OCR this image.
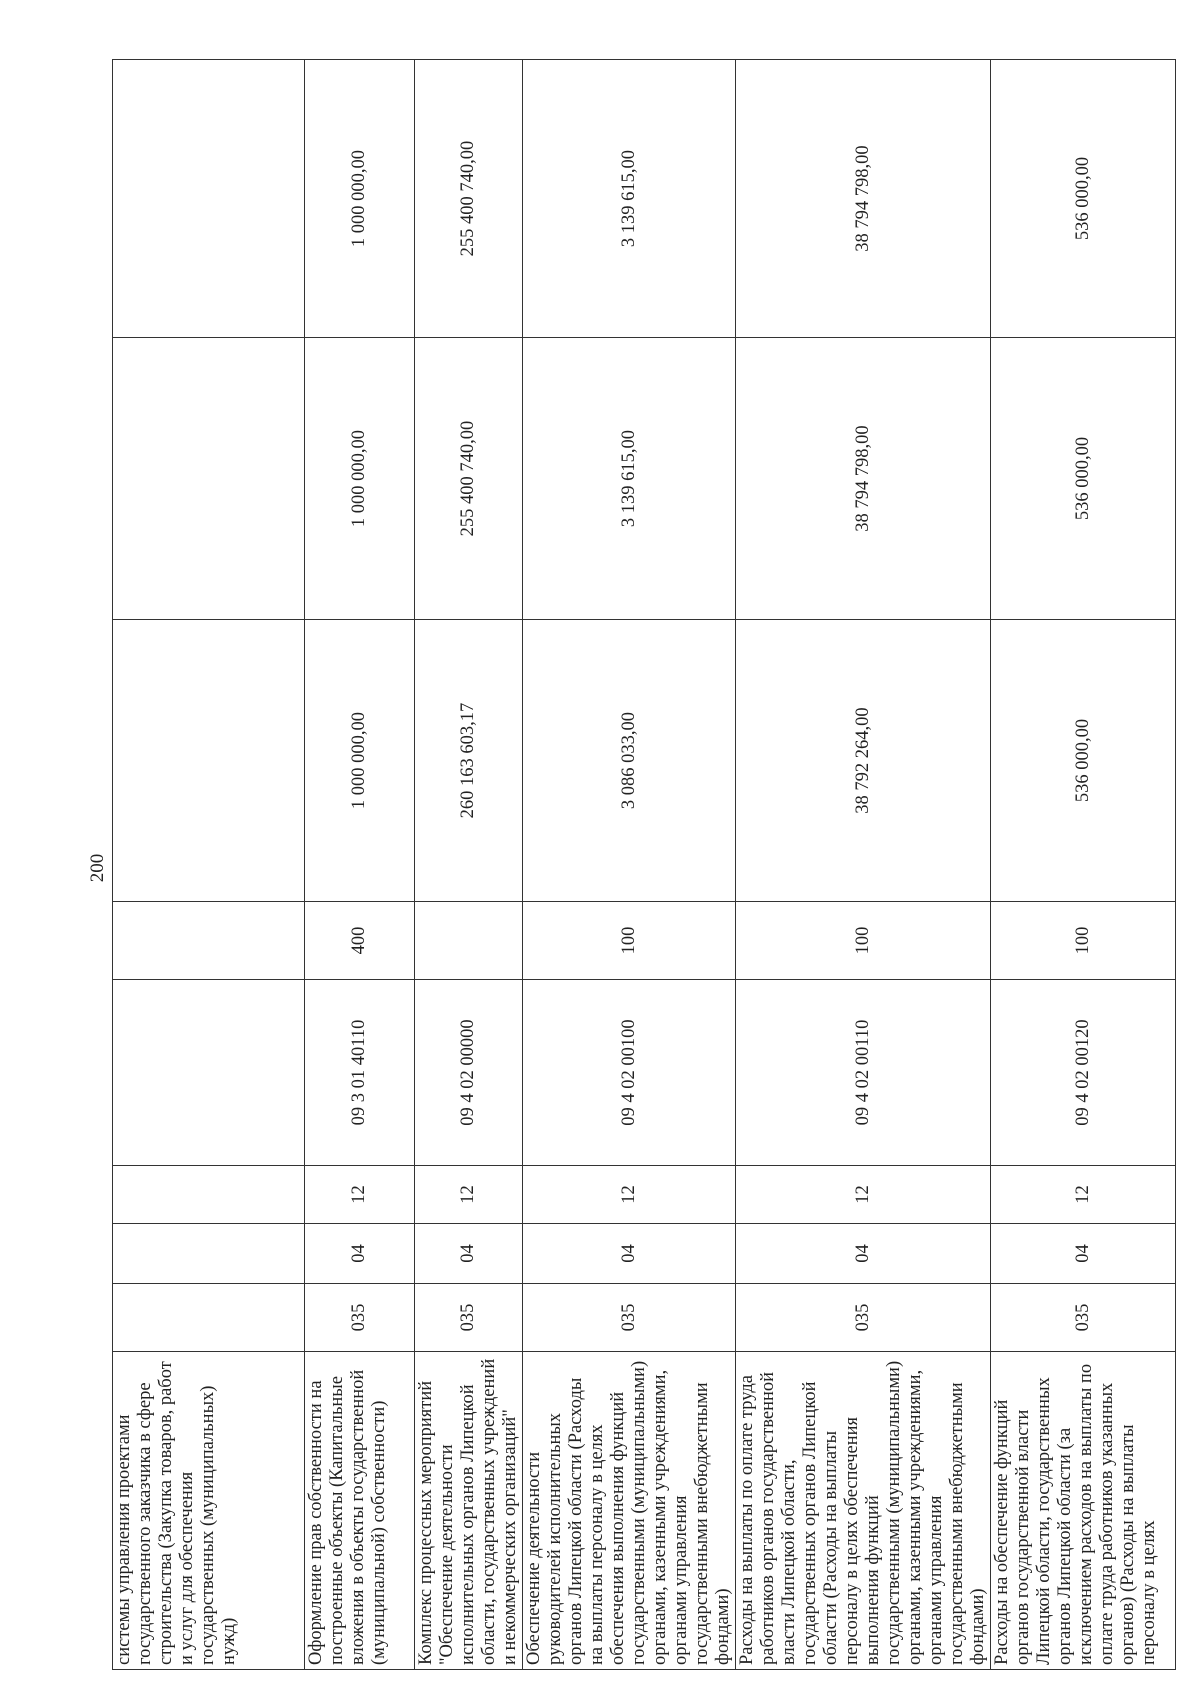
200
системы управления проектами государственного заказчика в сфере строительства (Закупка товаров, работ и услуг для обеспечения государственных (муниципальных) нужд)								
Оформление прав собственности на построенные объекты (Капитальные вложения в объекты государственной (муниципальной) собственности)	035	04	12	09 3 01 40110	400	1 000 000,00	1 000 000,00	1 000 000,00
Комплекс процессных мероприятий "Обеспечение деятельности исполнительных органов Липецкой области, государственных учреждений и некоммерческих организаций"	035	04	12	09 4 02 00000		260 163 603,17	255 400 740,00	255 400 740,00
Обеспечение деятельности руководителей исполнительных органов Липецкой области (Расходы на выплаты персоналу в целях обеспечения выполнения функций государственными (муниципальными) органами, казенными учреждениями, органами управления государственными внебюджетными фондами)	035	04	12	09 4 02 00100	100	3 086 033,00	3 139 615,00	3 139 615,00
Расходы на выплаты по оплате труда работников органов государственной власти Липецкой области, государственных органов Липецкой области (Расходы на выплаты персоналу в целях обеспечения выполнения функций государственными (муниципальными) органами, казенными учреждениями, органами управления государственными внебюджетными фондами)	035	04	12	09 4 02 00110	100	38 792 264,00	38 794 798,00	38 794 798,00
Расходы на обеспечение функций органов государственной власти Липецкой области, государственных органов Липецкой области (за исключением расходов на выплаты по оплате труда работников указанных органов) (Расходы на выплаты персоналу в целях	035	04	12	09 4 02 00120	100	536 000,00	536 000,00	536 000,00
